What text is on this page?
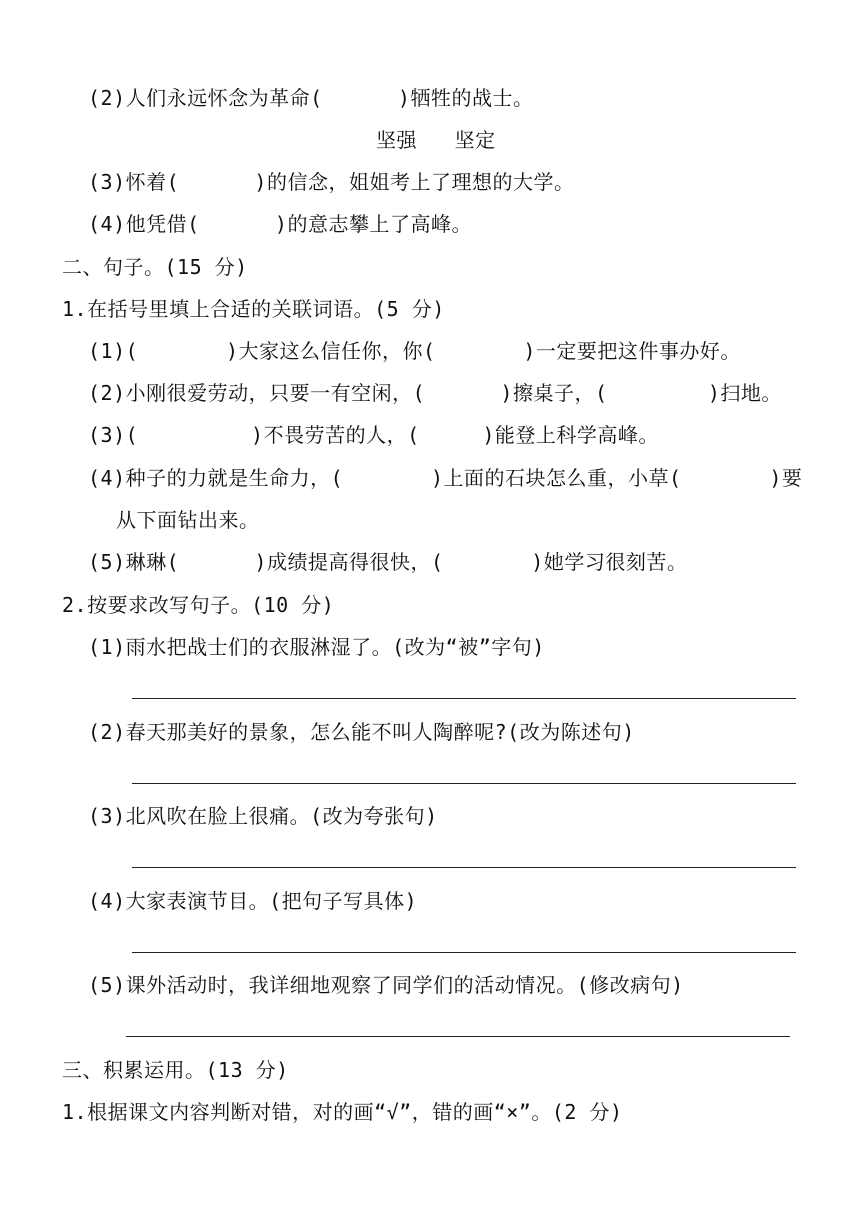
(2)人们永远怀念为革命(      )牺牲的战士。
坚强   坚定
(3)怀着(      )的信念，姐姐考上了理想的大学。
(4)他凭借(      )的意志攀上了高峰。
二、句子。(15 分)
1.在括号里填上合适的关联词语。(5 分)
(1)(       )大家这么信任你，你(       )一定要把这件事办好。
(2)小刚很爱劳动，只要一有空闲，(      )擦桌子，(        )扫地。
(3)(         )不畏劳苦的人，(     )能登上科学高峰。
(4)种子的力就是生命力，(       )上面的石块怎么重，小草(       )要
从下面钻出来。
(5)琳琳(      )成绩提高得很快，(       )她学习很刻苦。
2.按要求改写句子。(10 分)
(1)雨水把战士们的衣服淋湿了。(改为“被”字句)
(2)春天那美好的景象，怎么能不叫人陶醉呢?(改为陈述句)
(3)北风吹在脸上很痛。(改为夸张句)
(4)大家表演节目。(把句子写具体)
(5)课外活动时，我详细地观察了同学们的活动情况。(修改病句)
三、积累运用。(13 分)
1.根据课文内容判断对错，对的画“√”，错的画“×”。(2 分)
